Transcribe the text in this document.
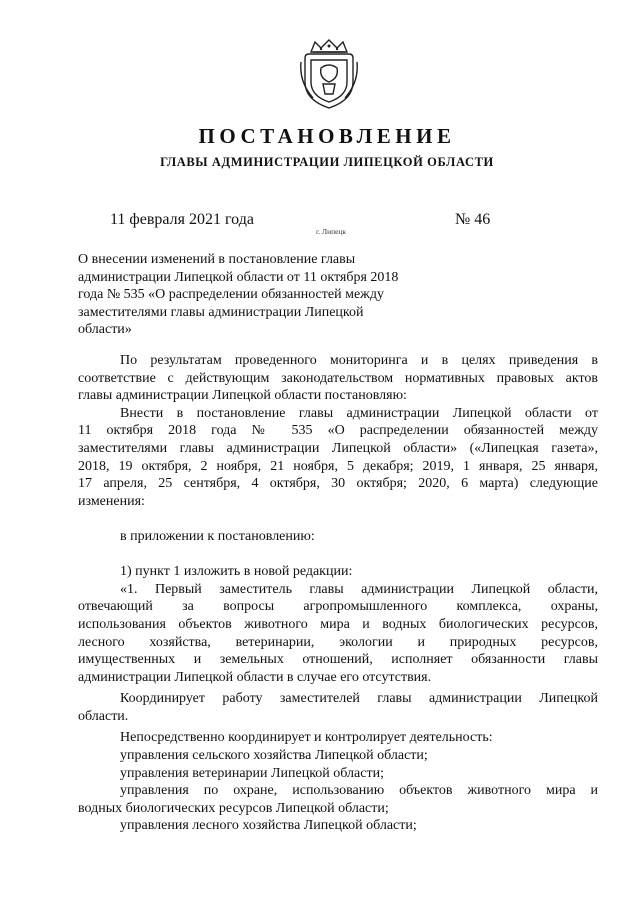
ПОСТАНОВЛЕНИЕ
ГЛАВЫ АДМИНИСТРАЦИИ ЛИПЕЦКОЙ ОБЛАСТИ
11 февраля 2021 года
г. Липецк
№ 46
О внесении изменений в постановление главы
администрации Липецкой области от 11 октября 2018
года № 535 «О распределении обязанностей между
заместителями главы администрации Липецкой
области»
По результатам проведенного мониторинга и в целях приведения в
соответствие с действующим законодательством нормативных правовых актов
главы администрации Липецкой области постановляю:
Внести в постановление главы администрации Липецкой области от
11 октября 2018 года № 535 «О распределении обязанностей между
заместителями главы администрации Липецкой области» («Липецкая газета»,
2018, 19 октября, 2 ноября, 21 ноября, 5 декабря; 2019, 1 января, 25 января,
17 апреля, 25 сентября, 4 октября, 30 октября; 2020, 6 марта) следующие
изменения:
в приложении к постановлению:
1) пункт 1 изложить в новой редакции:
«1. Первый заместитель главы администрации Липецкой области,
отвечающий за вопросы агропромышленного комплекса, охраны,
использования объектов животного мира и водных биологических ресурсов,
лесного хозяйства, ветеринарии, экологии и природных ресурсов,
имущественных и земельных отношений, исполняет обязанности главы
администрации Липецкой области в случае его отсутствия.
Координирует работу заместителей главы администрации Липецкой
области.
Непосредственно координирует и контролирует деятельность:
управления сельского хозяйства Липецкой области;
управления ветеринарии Липецкой области;
управления по охране, использованию объектов животного мира и
водных биологических ресурсов Липецкой области;
управления лесного хозяйства Липецкой области;
